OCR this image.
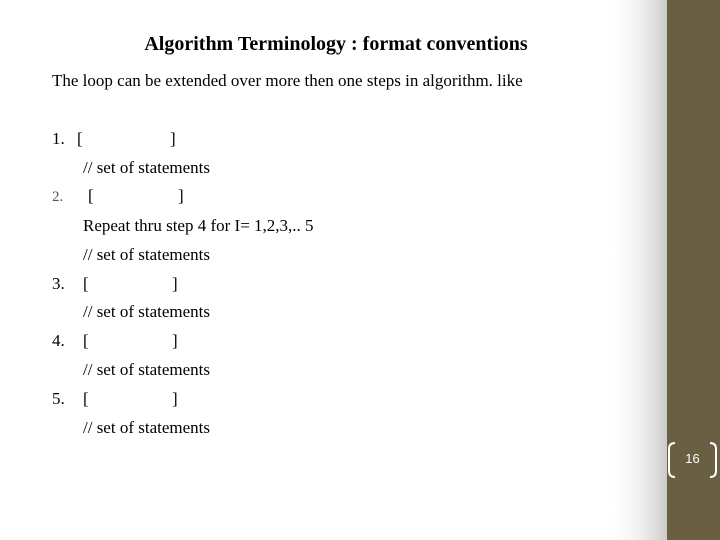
Algorithm Terminology : format conventions
The loop can be extended over more then one steps in algorithm. like
1. [	]
// set of statements
2. [	]
Repeat thru step 4 for I= 1,2,3,.. 5
// set of statements
3. [	]
// set of statements
4. [	]
// set of statements
5. [	]
// set of statements
16
